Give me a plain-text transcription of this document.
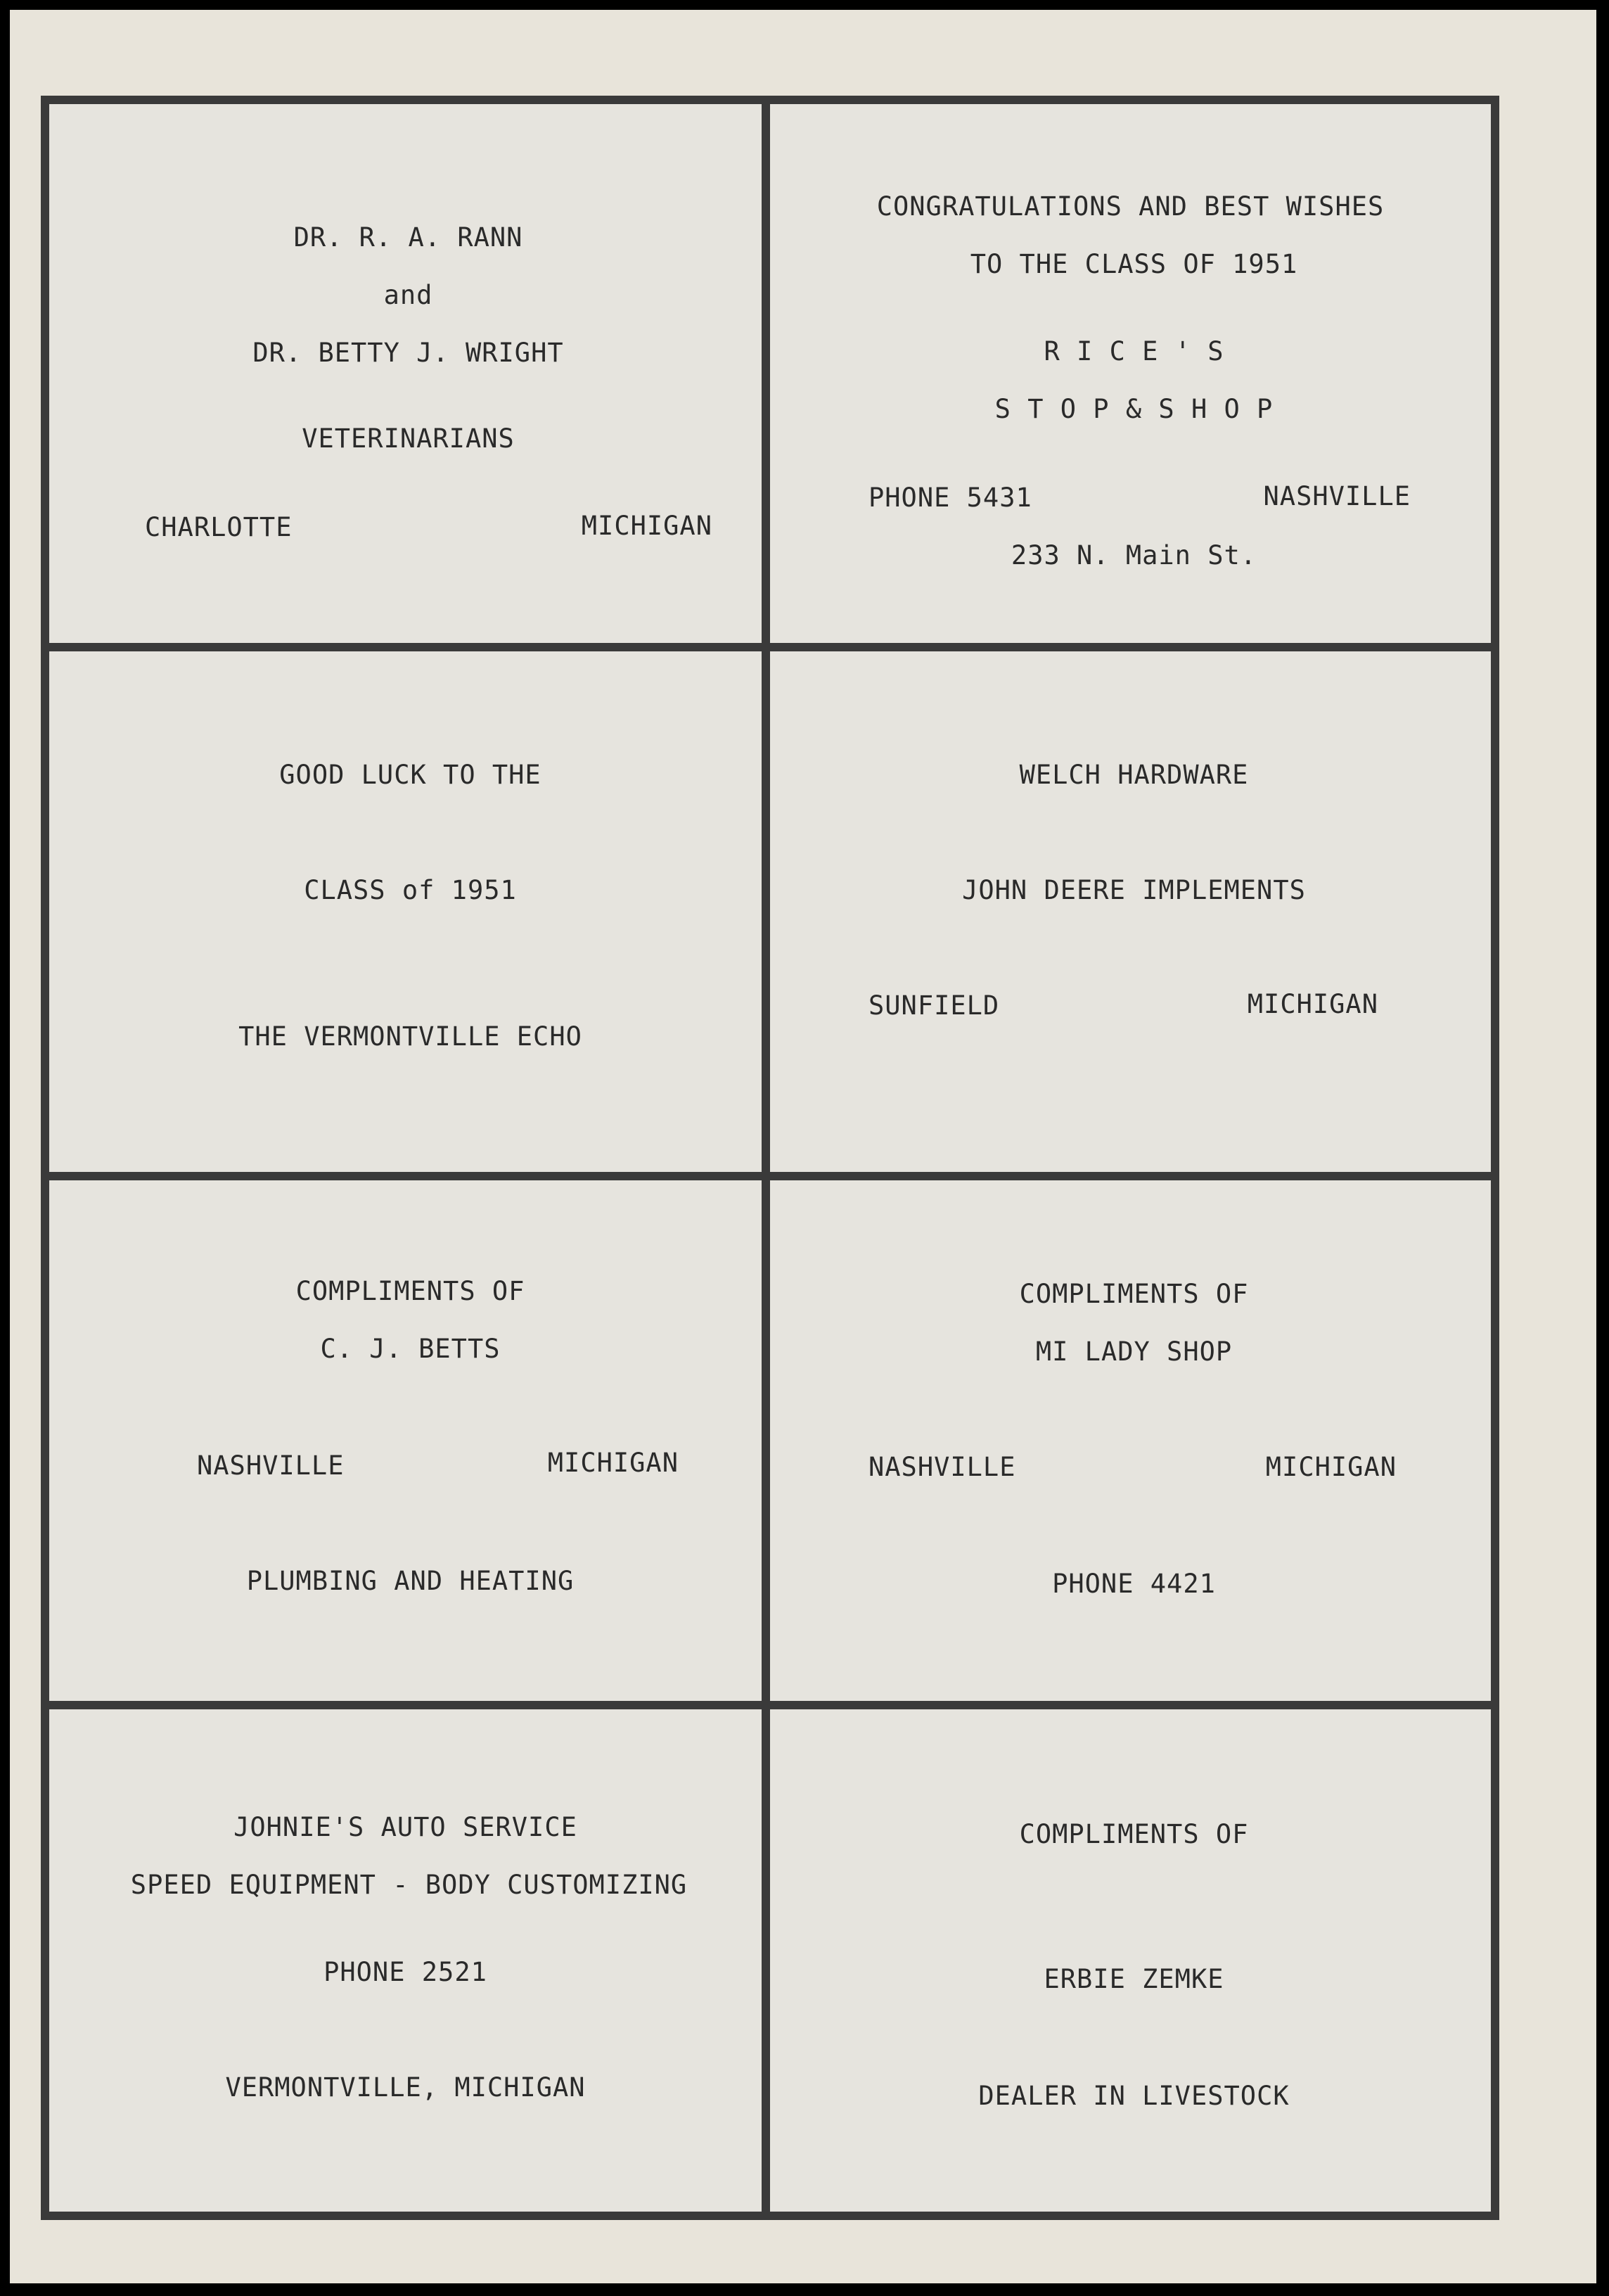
DR. R. A. RANN
and
DR. BETTY J. WRIGHT
VETERINARIANS
CHARLOTTE	MICHIGAN
CONGRATULATIONS AND BEST WISHES
TO THE CLASS OF 1951
R I C E ' S
S T O P & S H O P
PHONE 5431	NASHVILLE
233 N. Main St.
GOOD LUCK TO THE
CLASS of 1951
THE VERMONTVILLE ECHO
WELCH HARDWARE
JOHN DEERE IMPLEMENTS
SUNFIELD	MICHIGAN
COMPLIMENTS OF
C. J. BETTS
NASHVILLE	MICHIGAN
PLUMBING AND HEATING
COMPLIMENTS OF
MI LADY SHOP
NASHVILLE	MICHIGAN
PHONE 4421
JOHNIE'S AUTO SERVICE
SPEED EQUIPMENT - BODY CUSTOMIZING
PHONE 2521
VERMONTVILLE, MICHIGAN
COMPLIMENTS OF
ERBIE ZEMKE
DEALER IN LIVESTOCK
